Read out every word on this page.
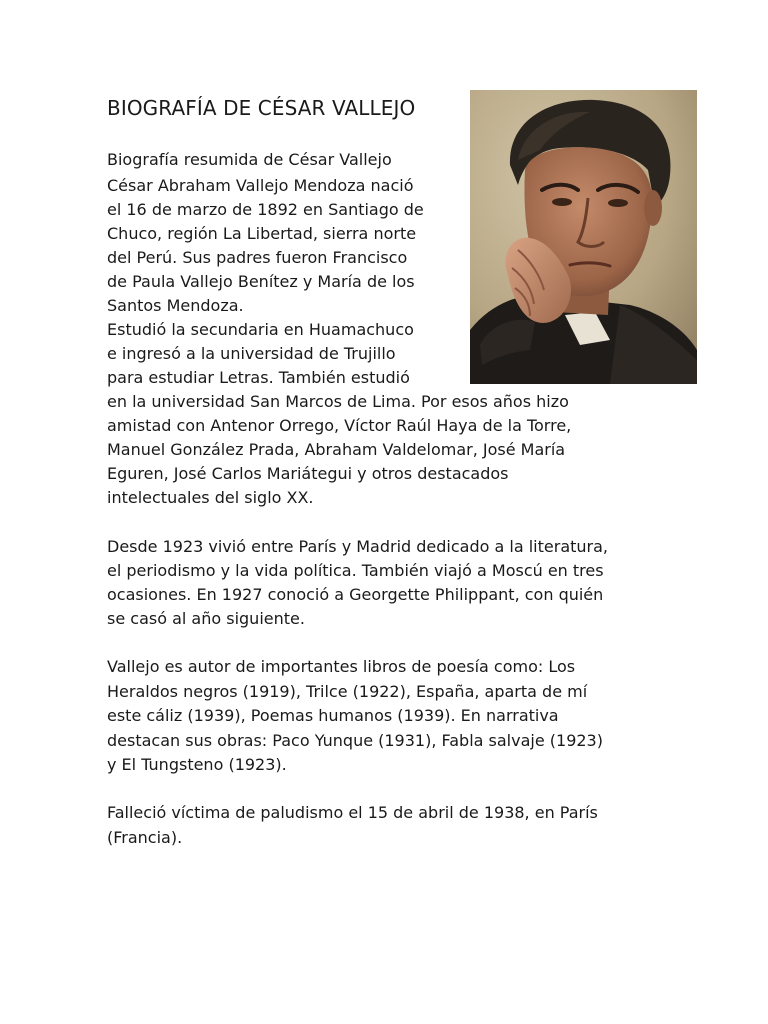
BIOGRAFÍA DE CÉSAR VALLEJO
Biografía resumida de César Vallejo
César Abraham Vallejo Mendoza nació
el 16 de marzo de 1892 en Santiago de
Chuco, región La Libertad, sierra norte
del Perú. Sus padres fueron Francisco
de Paula Vallejo Benítez y María de los
Santos Mendoza.
Estudió la secundaria en Huamachuco
e ingresó a la universidad de Trujillo
para estudiar Letras. También estudió
en la universidad San Marcos de Lima. Por esos años hizo
amistad con Antenor Orrego, Víctor Raúl Haya de la Torre,
Manuel González Prada, Abraham Valdelomar, José María
Eguren, José Carlos Mariátegui y otros destacados
intelectuales del siglo XX.
Desde 1923 vivió entre París y Madrid dedicado a la literatura,
el periodismo y la vida política. También viajó a Moscú en tres
ocasiones. En 1927 conoció a Georgette Philippant, con quién
se casó al año siguiente.
Vallejo es autor de importantes libros de poesía como: Los
Heraldos negros (1919), Trilce (1922), España, aparta de mí
este cáliz (1939), Poemas humanos (1939). En narrativa
destacan sus obras: Paco Yunque (1931), Fabla salvaje (1923)
y El Tungsteno (1923).
Falleció víctima de paludismo el 15 de abril de 1938, en París
(Francia).
